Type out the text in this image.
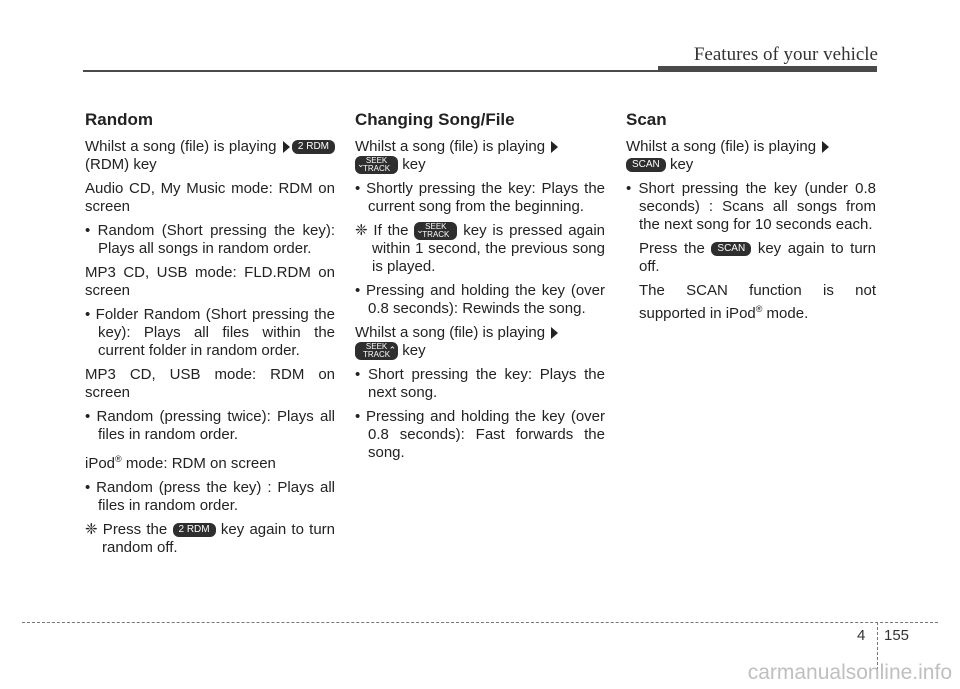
Features of your vehicle
Random

Whilst a song (file) is playing 2 RDM (RDM) key

Audio CD, My Music mode: RDM on screen

• Random (Short pressing the key): Plays all songs in random order.

MP3 CD, USB mode: FLD.RDM on screen

• Folder Random (Short pressing the key): Plays all files within the current folder in random order.

MP3 CD, USB mode: RDM on screen

• Random (pressing twice): Plays all files in random order.

iPod® mode: RDM on screen

• Random (press the key) : Plays all files in random order.

❈ Press the 2 RDM key again to turn random off.

Changing Song/File

Whilst a song (file) is playing

⌄ SEEK
TRACK key

• Shortly pressing the key: Plays the current song from the beginning.

❈ If the ⌄ SEEK
TRACK key is pressed again within 1 second, the previous song is played.

• Pressing and holding the key (over 0.8 seconds): Rewinds the song.

Whilst a song (file) is playing

⌃
SEEK
TRACK key

• Short pressing the key: Plays the next song.

• Pressing and holding the key (over 0.8 seconds): Fast forwards the song.

Scan

Whilst a song (file) is playing
SCAN key

• Short pressing the key (under 0.8 seconds) : Scans all songs from the next song for 10 seconds each.

Press the SCAN key again to turn off.

The SCAN function is not supported in iPod® mode.

4 155
carmanualsonline.info
